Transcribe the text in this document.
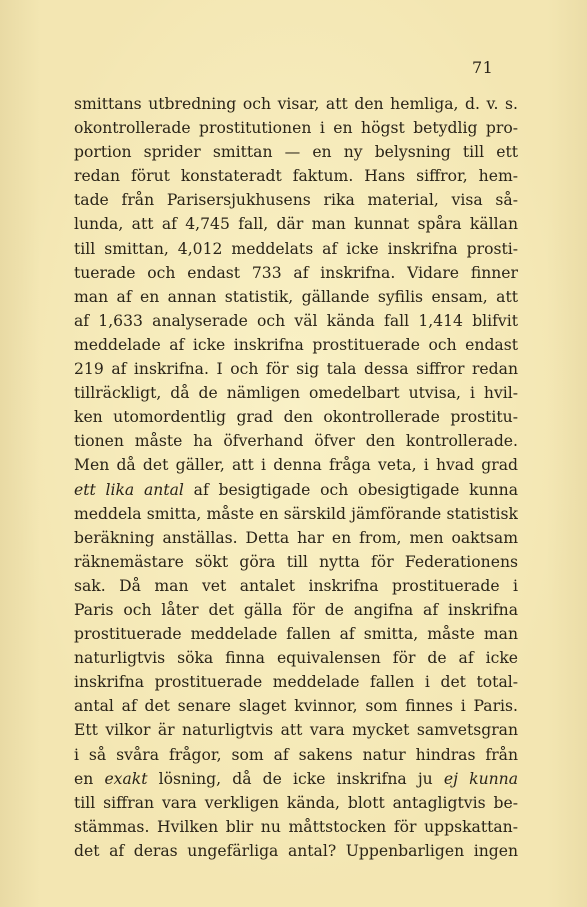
71
smittans utbredning och visar, att den hemliga, d. v. s.
okontrollerade prostitutionen i en högst betydlig pro-
portion sprider smittan — en ny belysning till ett
redan förut konstateradt faktum. Hans siffror, hem-
tade från Parisersjukhusens rika material, visa så-
lunda, att af 4,745 fall, där man kunnat spåra källan
till smittan, 4,012 meddelats af icke inskrifna prosti-
tuerade och endast 733 af inskrifna. Vidare finner
man af en annan statistik, gällande syfilis ensam, att
af 1,633 analyserade och väl kända fall 1,414 blifvit
meddelade af icke inskrifna prostituerade och endast
219 af inskrifna. I och för sig tala dessa siffror redan
tillräckligt, då de nämligen omedelbart utvisa, i hvil-
ken utomordentlig grad den okontrollerade prostitu-
tionen måste ha öfverhand öfver den kontrollerade.
Men då det gäller, att i denna fråga veta, i hvad grad
ett lika antal af besigtigade och obesigtigade kunna
meddela smitta, måste en särskild jämförande statistisk
beräkning anställas. Detta har en from, men oaktsam
räknemästare sökt göra till nytta för Federationens
sak. Då man vet antalet inskrifna prostituerade i
Paris och låter det gälla för de angifna af inskrifna
prostituerade meddelade fallen af smitta, måste man
naturligtvis söka finna equivalensen för de af icke
inskrifna prostituerade meddelade fallen i det total-
antal af det senare slaget kvinnor, som finnes i Paris.
Ett vilkor är naturligtvis att vara mycket samvetsgran
i så svåra frågor, som af sakens natur hindras från
en exakt lösning, då de icke inskrifna ju ej kunna
till siffran vara verkligen kända, blott antagligtvis be-
stämmas. Hvilken blir nu måttstocken för uppskattan-
det af deras ungefärliga antal? Uppenbarligen ingen
